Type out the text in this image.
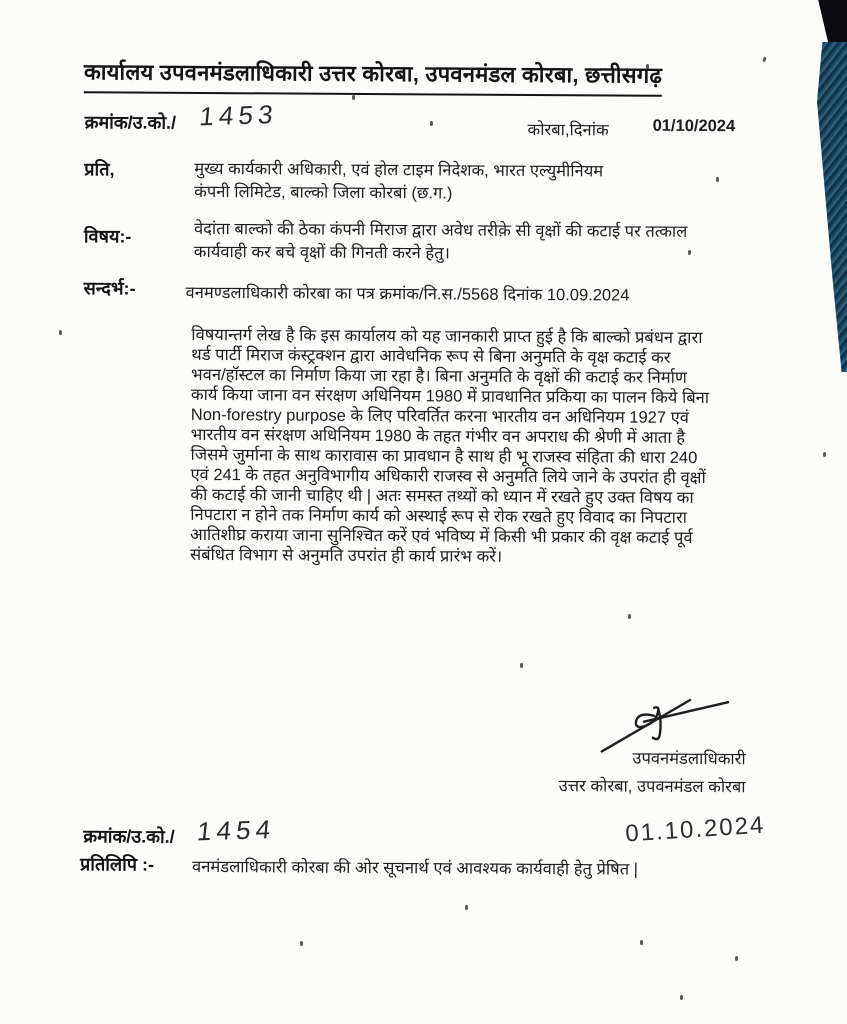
कार्यालय उपवनमंडलाधिकारी उत्तर कोरबा, उपवनमंडल कोरबा, छत्तीसगढ़
क्रमांक/उ.को./ 1453	कोरबा,दिनांक	01/10/2024
प्रति,	मुख्य कार्यकारी अधिकारी, एवं होल टाइम निदेशक, भारत एल्युमीनियम
कंपनी लिमिटेड, बाल्को जिला कोरबां (छ.ग.)
विषय:-	वेदांता बाल्को की ठेका कंपनी मिराज द्वारा अवेध तरीक़े सी वृक्षों की कटाई पर तत्काल
कार्यवाही कर बचे वृक्षों की गिनती करने हेतु।
सन्दर्भ:-	वनमण्डलाधिकारी कोरबा का पत्र क्रमांक/नि.स./5568 दिनांक 10.09.2024
विषयान्तर्ग लेख है कि इस कार्यालय को यह जानकारी प्राप्त हुई है कि बाल्को प्रबंधन द्वारा
थर्ड पार्टी मिराज कंस्ट्रक्शन द्वारा आवेधनिक रूप से बिना अनुमति के वृक्ष कटाई कर
भवन/हॉस्टल का निर्माण किया जा रहा है। बिना अनुमति के वृक्षों की कटाई कर निर्माण
कार्य किया जाना वन संरक्षण अधिनियम 1980 में प्रावधानित प्रकिया का पालन किये बिना
Non-forestry purpose के लिए परिवर्तित करना भारतीय वन अधिनियम 1927 एवं
भारतीय वन संरक्षण अधिनियम 1980 के तहत गंभीर वन अपराध की श्रेणी में आता है
जिसमे जुर्माना के साथ कारावास का प्रावधान है साथ ही भू राजस्व संहिता की धारा 240
एवं 241 के तहत अनुविभागीय अधिकारी राजस्व से अनुमति लिये जाने के उपरांत ही वृक्षों
की कटाई की जानी चाहिए थी | अतः समस्त तथ्यों को ध्यान में रखते हुए उक्त विषय का
निपटारा न होने तक निर्माण कार्य को अस्थाई रूप से रोक रखते हुए विवाद का निपटारा
आतिशीघ्र कराया जाना सुनिश्चित करें एवं भविष्य में किसी भी प्रकार की वृक्ष कटाई पूर्व
संबंधित विभाग से अनुमति उपरांत ही कार्य प्रारंभ करें।
उपवनमंडलाधिकारी
उत्तर कोरबा, उपवनमंडल कोरबा
क्रमांक/उ.को./ 1454	01.10.2024
प्रतिलिपि :- वनमंडलाधिकारी कोरबा की ओर सूचनार्थ एवं आवश्यक कार्यवाही हेतु प्रेषित |
